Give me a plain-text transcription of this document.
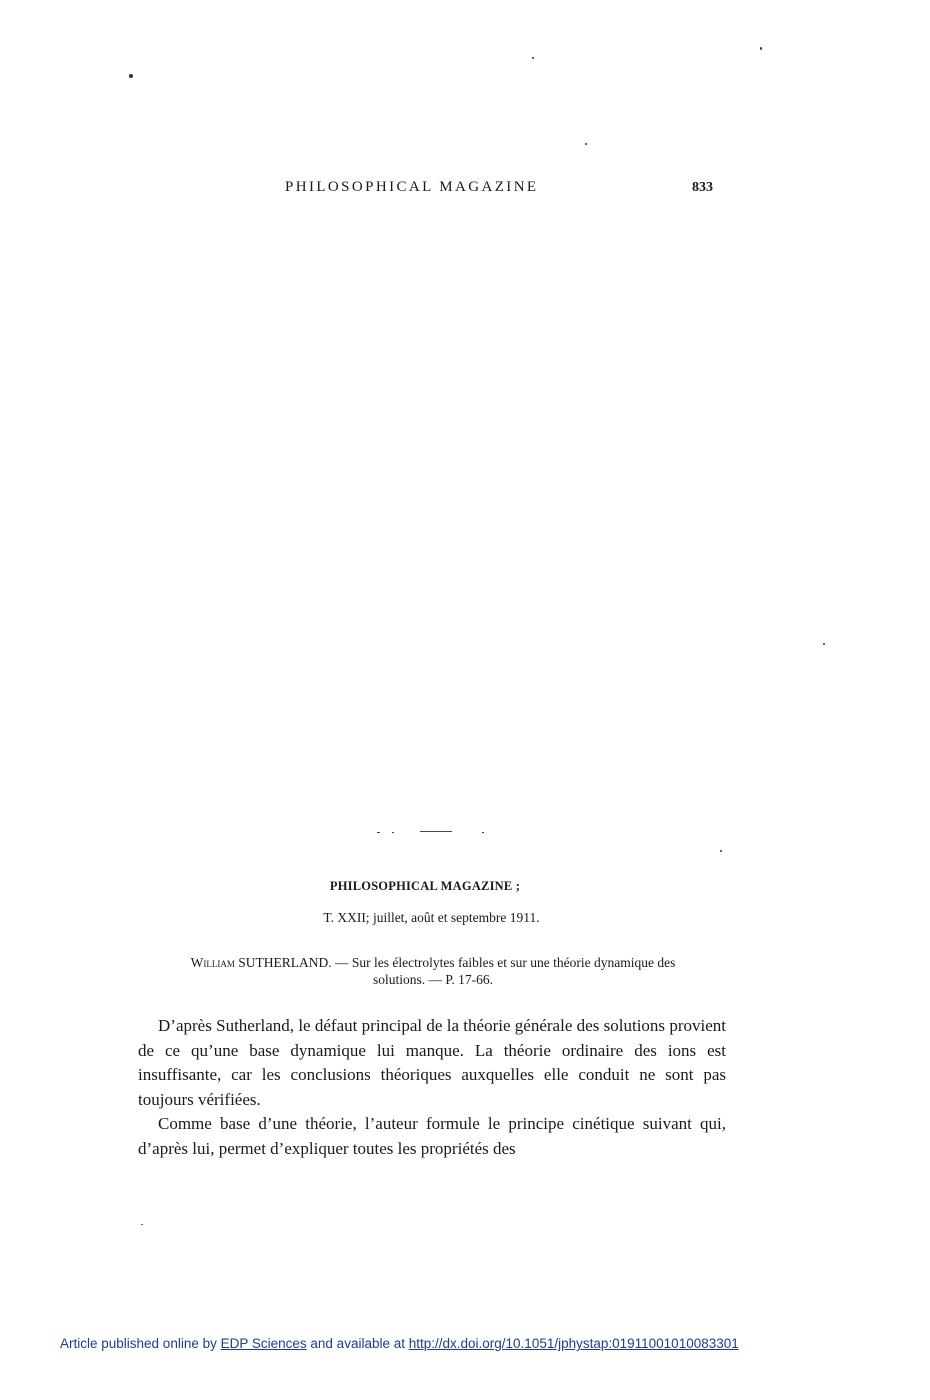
PHILOSOPHICAL MAGAZINE	833
PHILOSOPHICAL MAGAZINE ;
T. XXII; juillet, août et septembre 1911.
William SUTHERLAND. — Sur les électrolytes faibles et sur une théorie dynamique des solutions. — P. 17-66.

D’après Sutherland, le défaut principal de la théorie générale des solutions provient de ce qu’une base dynamique lui manque. La théorie ordinaire des ions est insuffisante, car les conclusions théoriques auxquelles elle conduit ne sont pas toujours vérifiées.

Comme base d’une théorie, l’auteur formule le principe cinétique suivant qui, d’après lui, permet d’expliquer toutes les propriétés des

Article published online by EDP Sciences and available at http://dx.doi.org/10.1051/jphystap:01911001010083301
